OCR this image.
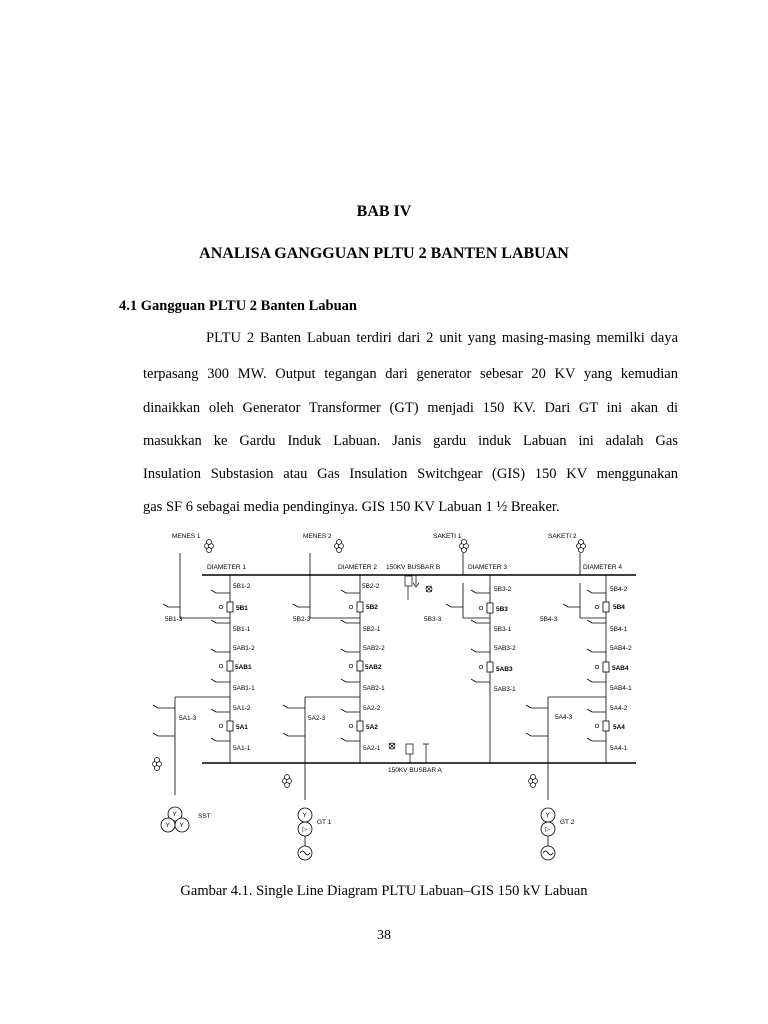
BAB IV
ANALISA GANGGUAN PLTU 2 BANTEN LABUAN
4.1 Gangguan PLTU 2 Banten Labuan
PLTU 2 Banten Labuan terdiri dari 2 unit yang masing-masing memilki daya
terpasang 300 MW. Output tegangan dari generator sebesar 20 KV yang kemudian
dinaikkan oleh Generator Transformer (GT) menjadi 150 KV. Dari GT ini akan di
masukkan ke Gardu Induk Labuan. Janis gardu induk Labuan ini adalah Gas
Insulation Substasion atau Gas Insulation Switchgear (GIS) 150 KV menggunakan
gas SF 6 sebagai media pendinginya. GIS 150 KV Labuan 1 ½ Breaker.
Y
Y Y
Y
▷
Y
▷
MENES 1	MENES 2	SAKETI 1	SAKETI 2
DIAMETER 1	DIAMETER 2	DIAMETER 3	DIAMETER 4
150KV BUSBAR B
150KV BUSBAR A
SST
GT 1	GT 2
5B1-2
5B1
5B1-1
5B1-3
5AB1-2
5AB1
5AB1-1
5A1-2
5A1
5A1-1
5A1-3
5B2-2
5B2
5B2-1
5B2-3
5AB2-2
5AB2
5AB2-1
5A2-2
5A2
5A2-1
5A2-3
5B3-2
5B3
5B3-1
5B3-3
5AB3-2
5AB3
5AB3-1
5B4-2
5B4
5B4-1
5B4-3
5AB4-2
5AB4
5AB4-1
5A4-2
5A4
5A4-1
5A4-3
Gambar 4.1. Single Line Diagram PLTU Labuan–GIS 150 kV Labuan
38
